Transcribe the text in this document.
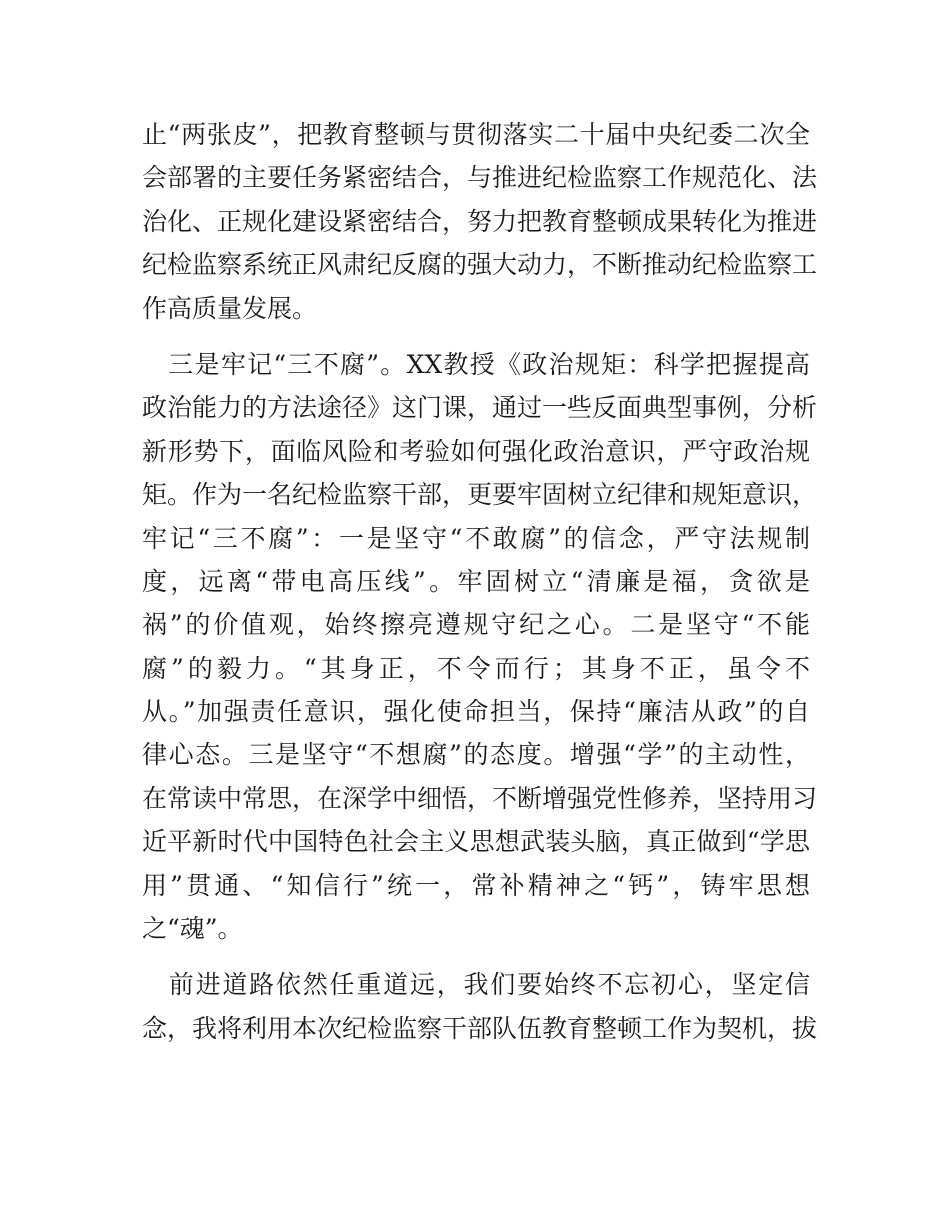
止“两张皮”，把教育整顿与贯彻落实二十届中央纪委二次全
会部署的主要任务紧密结合，与推进纪检监察工作规范化、法
治化、正规化建设紧密结合，努力把教育整顿成果转化为推进
纪检监察系统正风肃纪反腐的强大动力，不断推动纪检监察工
作高质量发展。
　三是牢记“三不腐”。XX教授《政治规矩：科学把握提高
政治能力的方法途径》这门课，通过一些反面典型事例，分析
新形势下，面临风险和考验如何强化政治意识，严守政治规
矩。作为一名纪检监察干部，更要牢固树立纪律和规矩意识，
牢记“三不腐”：一是坚守“不敢腐”的信念，严守法规制
度，远离“带电高压线”。牢固树立“清廉是福，贪欲是
祸”的价值观，始终擦亮遵规守纪之心。二是坚守“不能
腐”的毅力。“其身正，不令而行；其身不正，虽令不
从。”加强责任意识，强化使命担当，保持“廉洁从政”的自
律心态。三是坚守“不想腐”的态度。增强“学”的主动性，
在常读中常思，在深学中细悟，不断增强党性修养，坚持用习
近平新时代中国特色社会主义思想武装头脑，真正做到“学思
用”贯通、“知信行”统一，常补精神之“钙”，铸牢思想
之“魂”。
　前进道路依然任重道远，我们要始终不忘初心，坚定信
念，我将利用本次纪检监察干部队伍教育整顿工作为契机，拔
